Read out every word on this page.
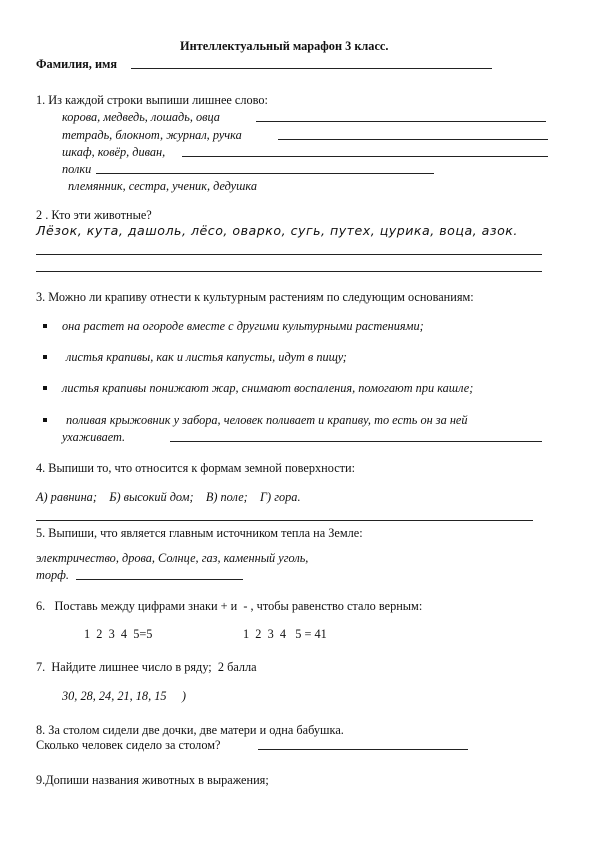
Интеллектуальный марафон 3 класс.
Фамилия, имя
1. Из каждой строки выпиши лишнее слово:
корова, медведь, лошадь, овца
тетрадь, блокнот, журнал, ручка
шкаф, ковёр, диван,
полки
племянник, сестра, ученик, дедушка
2 . Кто эти животные?
Лёзок, кута, дашоль, лёсо, оварко, сугь, путех, цурика, воца, азок.
3. Можно ли крапиву отнести к культурным растениям по следующим основаниям:
она растет на огороде вместе с другими культурными растениями;
листья крапивы, как и листья капусты, идут в пищу;
листья крапивы понижают жар, снимают воспаления, помогают при кашле;
поливая крыжовник у забора, человек поливает и крапиву, то есть он за ней
ухаживает.
4. Выпиши то, что относится к формам земной поверхности:
А) равнина;    Б) высокий дом;    В) поле;    Г) гора.
5. Выпиши, что является главным источником тепла на Земле:
электричество, дрова, Солнце, газ, каменный уголь,
торф.
6.   Поставь между цифрами знаки + и  - , чтобы равенство стало верным:
1  2  3  4  5=5	1  2  3  4   5 = 41
7.  Найдите лишнее число в ряду;  2 балла
30, 28, 24, 21, 18, 15     )
8. За столом сидели две дочки, две матери и одна бабушка.
Сколько человек сидело за столом?
9.Допиши названия животных в выражения;
